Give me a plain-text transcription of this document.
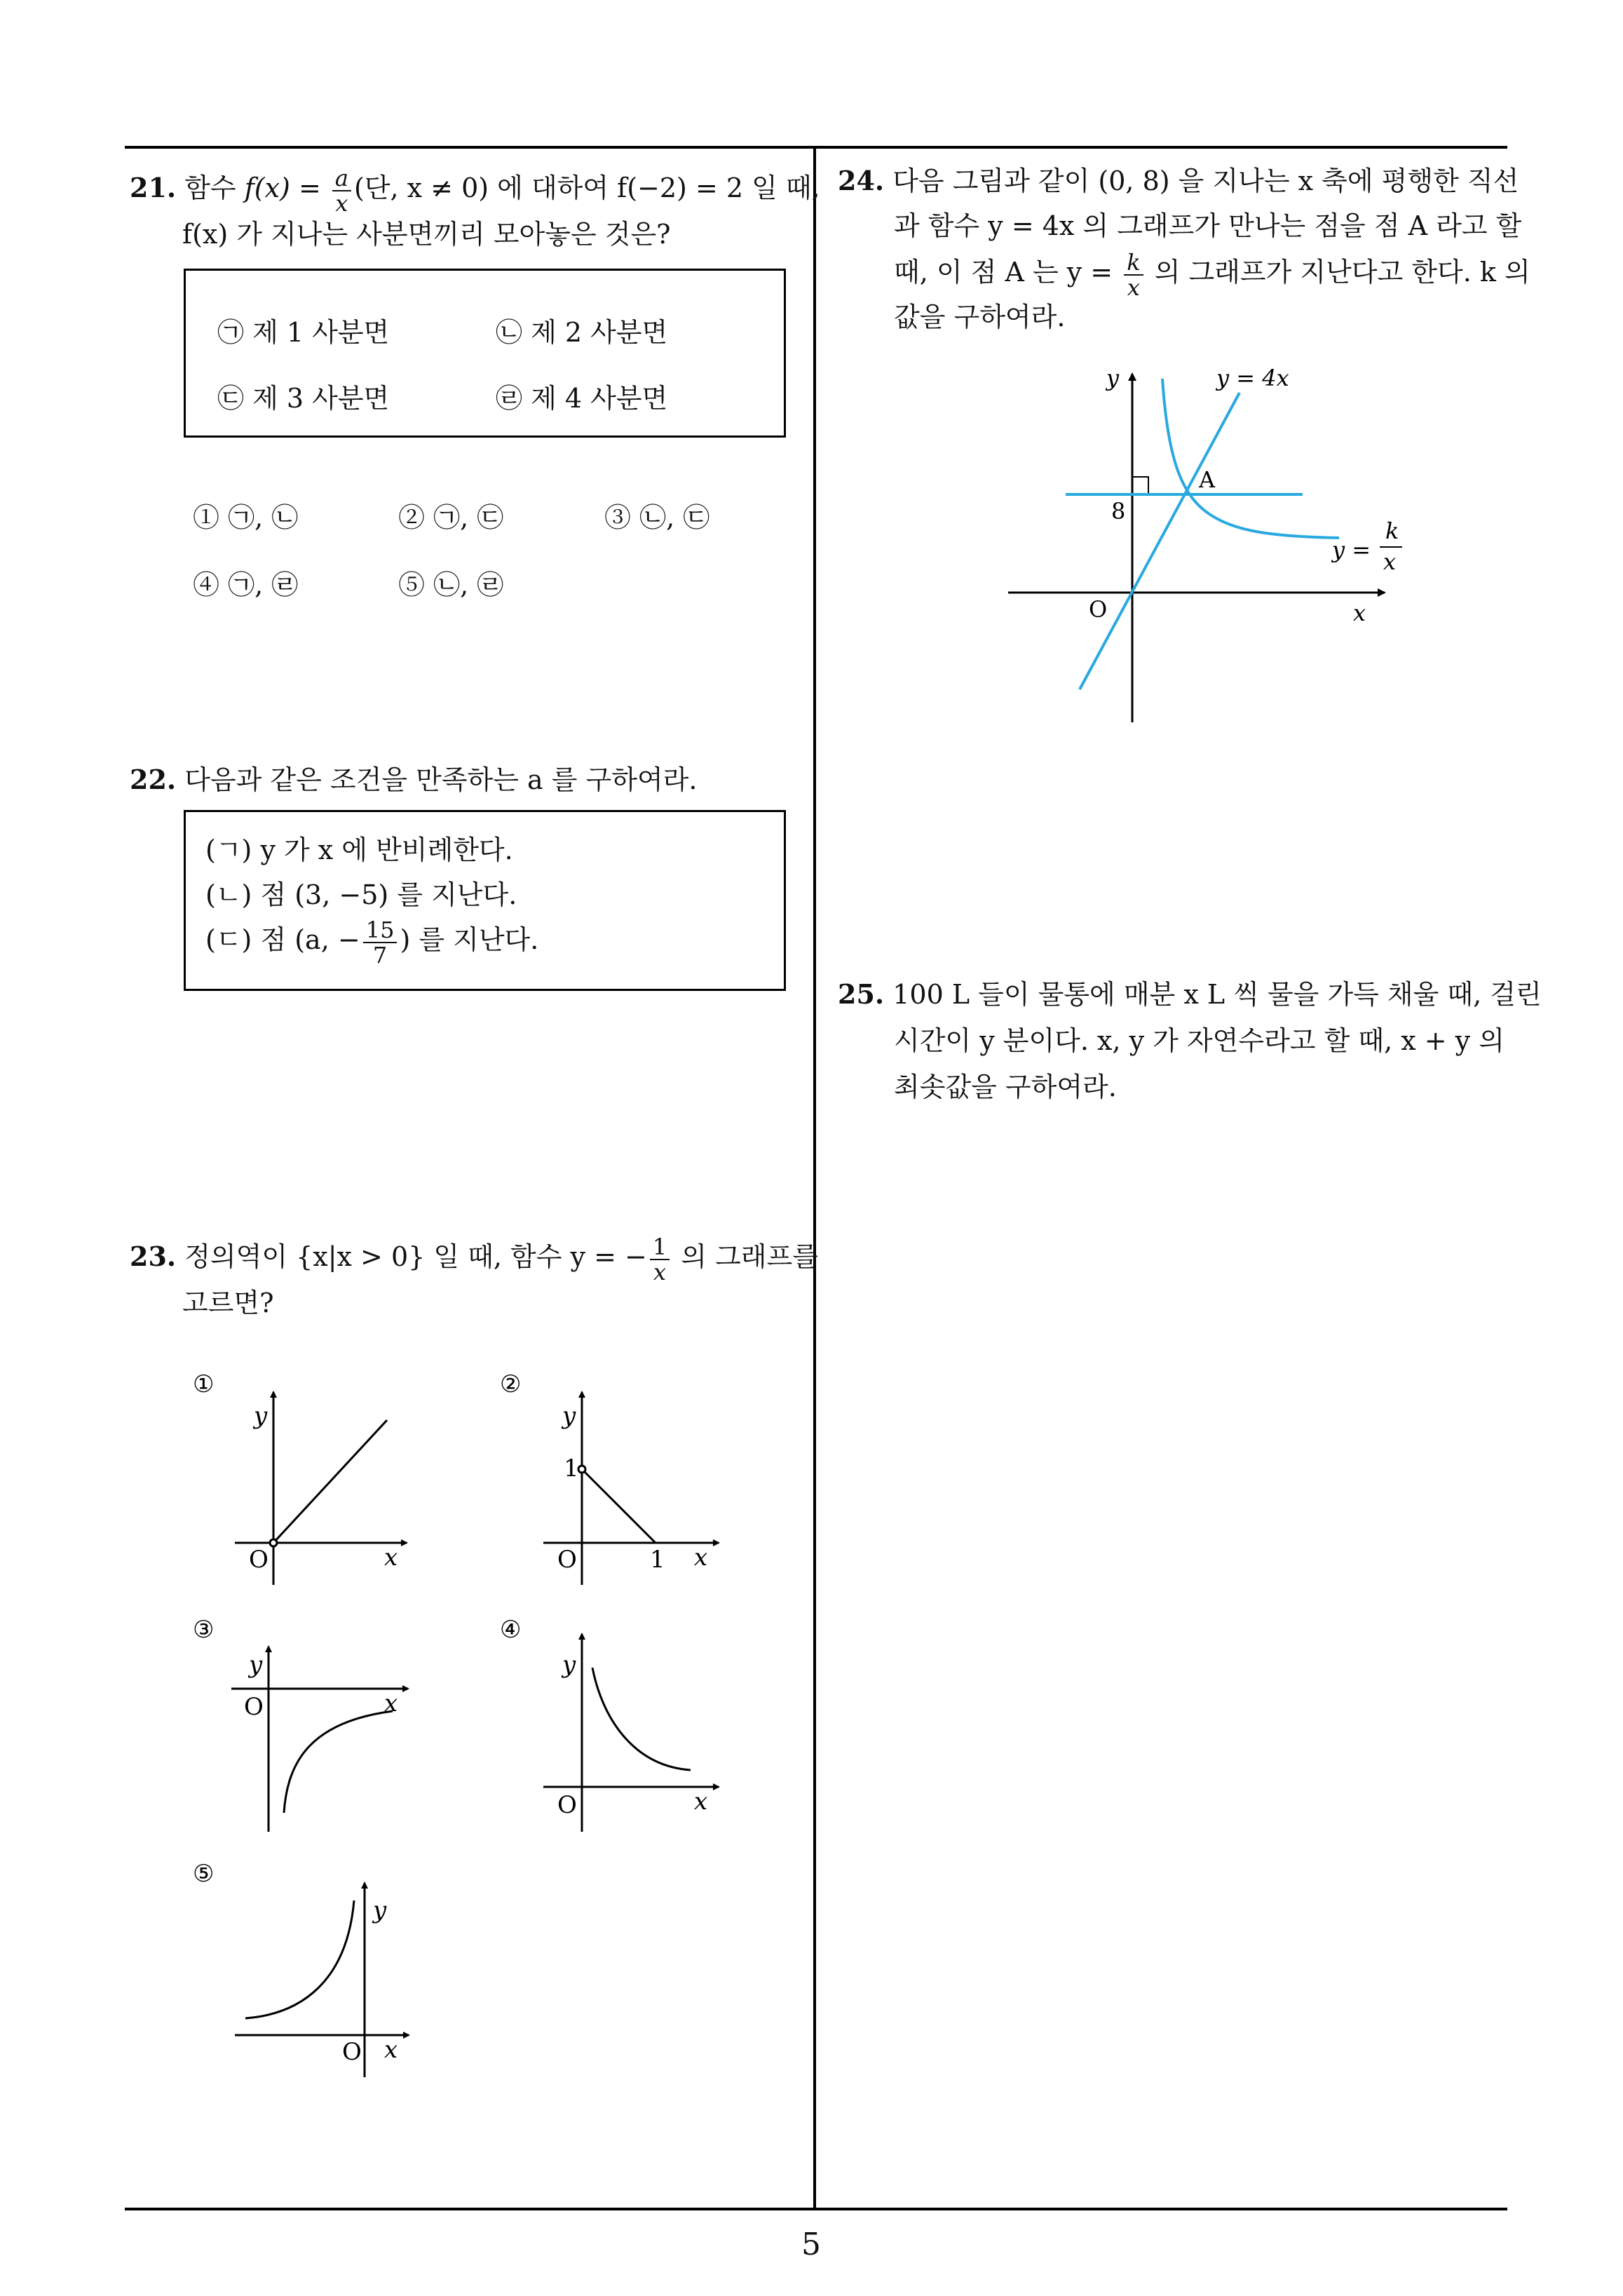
5
21. 함수 $f(x) = \frac{a}{x}$ (단, x ≠ 0) 에 대하여 f(−2) = 2 일 때,
f(x) 가 지나는 사분면끼리 모아놓은 것은?
㉠ 제 1 사분면	㉡ 제 2 사분면
㉢ 제 3 사분면	㉣ 제 4 사분면
① ㉠, ㉡	② ㉠, ㉢	③ ㉡, ㉢
④ ㉠, ㉣	⑤ ㉡, ㉣
22. 다음과 같은 조건을 만족하는 a 를 구하여라.
(ㄱ) y 가 x 에 반비례한다.
(ㄴ) 점 (3, −5) 를 지난다.
(ㄷ) 점 (a, − $\frac{15}{7}$ ) 를 지난다.
23. 정의역이 {x|x > 0} 일 때, 함수 y = − $\frac{1}{x}$ 의 그래프를
고르면?
①	②
③	④
⑤
y
x
O
y
1
O	1 x
y
O	x
y
O	x
y
O x
24. 다음 그림과 같이 (0, 8) 을 지나는 x 축에 평행한 직선
과 함수 y = 4x 의 그래프가 만나는 점을 점 A 라고 할
때, 이 점 A 는 $y = \frac{k}{x}$ 의 그래프가 지난다고 한다. k 의
값을 구하여라.
y	y = 4x
A
8
y =
k
x
O	x
25. 100 L 들이 물통에 매분 x L 씩 물을 가득 채울 때, 걸린
시간이 y 분이다. x, y 가 자연수라고 할 때, x + y 의
최솟값을 구하여라.
